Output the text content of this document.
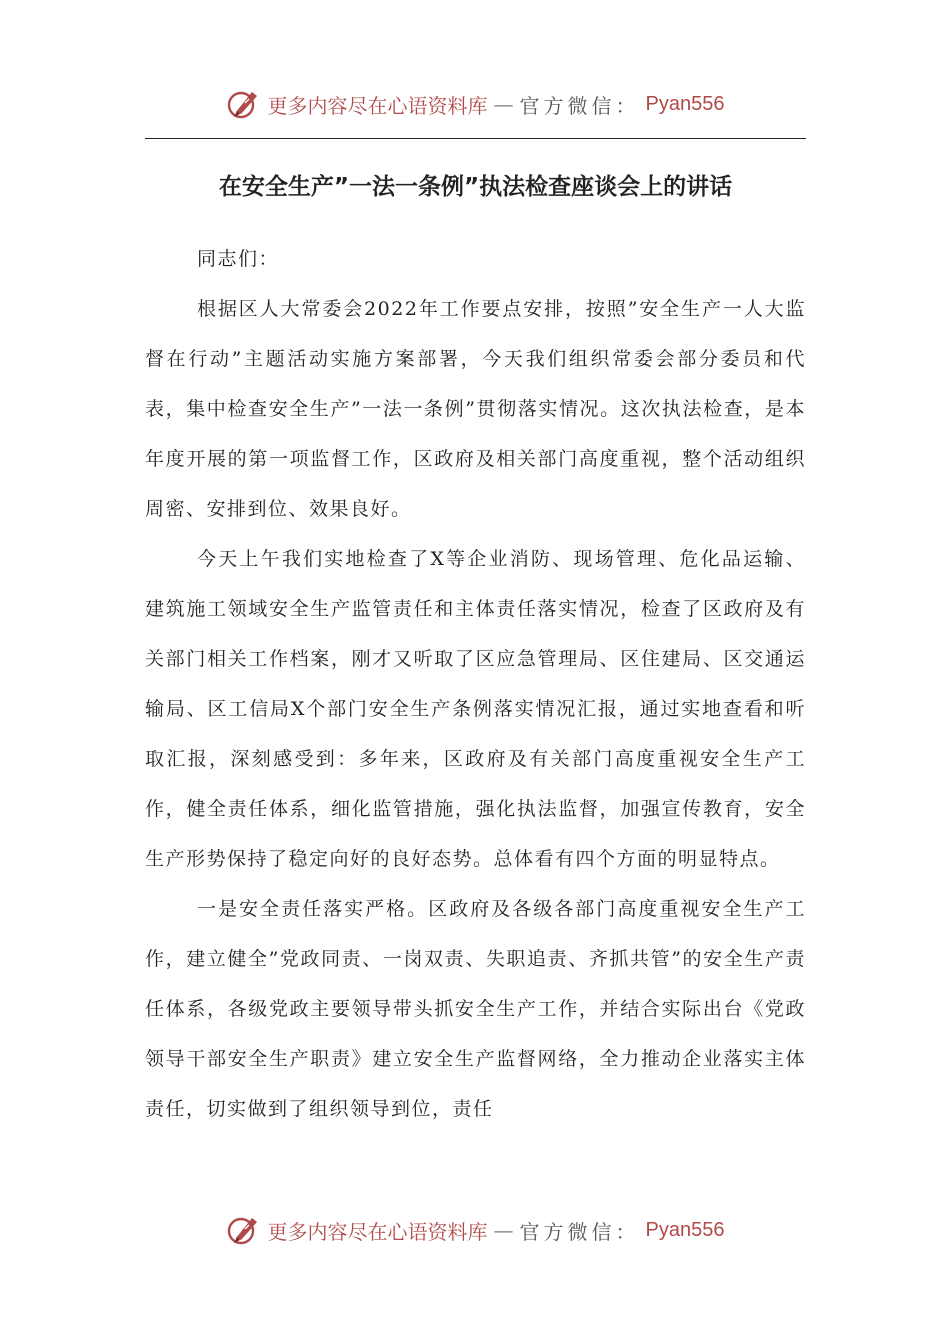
更多内容尽在心语资料库 — 官方微信： Pyan556
在安全生产”一法一条例”执法检查座谈会上的讲话

同志们：

根据区人大常委会2022年工作要点安排，按照”安全生产一人大监督在行动”主题活动实施方案部署，今天我们组织常委会部分委员和代表，集中检查安全生产”一法一条例”贯彻落实情况。这次执法检查，是本年度开展的第一项监督工作，区政府及相关部门高度重视，整个活动组织周密、安排到位、效果良好。

今天上午我们实地检查了X等企业消防、现场管理、危化品运输、建筑施工领域安全生产监管责任和主体责任落实情况，检查了区政府及有关部门相关工作档案，刚才又听取了区应急管理局、区住建局、区交通运输局、区工信局X个部门安全生产条例落实情况汇报，通过实地查看和听取汇报，深刻感受到：多年来，区政府及有关部门高度重视安全生产工作，健全责任体系，细化监管措施，强化执法监督，加强宣传教育，安全生产形势保持了稳定向好的良好态势。总体看有四个方面的明显特点。

一是安全责任落实严格。区政府及各级各部门高度重视安全生产工作，建立健全”党政同责、一岗双责、失职追责、齐抓共管”的安全生产责任体系，各级党政主要领导带头抓安全生产工作，并结合实际出台《党政领导干部安全生产职责》建立安全生产监督网络，全力推动企业落实主体责任，切实做到了组织领导到位，责任

更多内容尽在心语资料库 — 官方微信： Pyan556
